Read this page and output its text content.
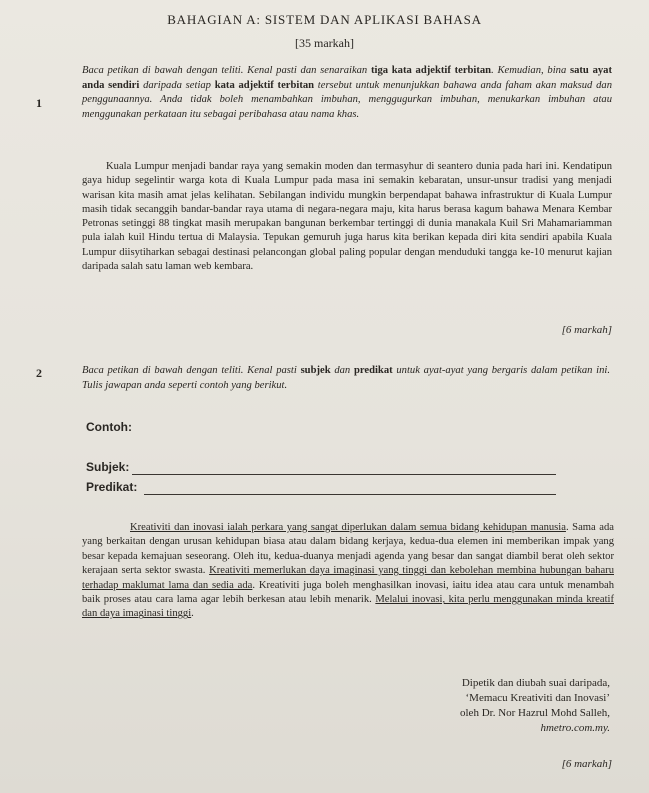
BAHAGIAN A: SISTEM DAN APLIKASI BAHASA
[35 markah]
1
Baca petikan di bawah dengan teliti. Kenal pasti dan senaraikan tiga kata adjektif terbitan. Kemudian, bina satu ayat anda sendiri daripada setiap kata adjektif terbitan tersebut untuk menunjukkan bahawa anda faham akan maksud dan penggunaannya. Anda tidak boleh menambahkan imbuhan, menggugurkan imbuhan, menukarkan imbuhan atau menggunakan perkataan itu sebagai peribahasa atau nama khas.
Kuala Lumpur menjadi bandar raya yang semakin moden dan termasyhur di seantero dunia pada hari ini. Kendatipun gaya hidup segelintir warga kota di Kuala Lumpur pada masa ini semakin kebaratan, unsur-unsur tradisi yang menjadi warisan kita masih amat jelas kelihatan. Sebilangan individu mungkin berpendapat bahawa infrastruktur di Kuala Lumpur masih tidak secanggih bandar-bandar raya utama di negara-negara maju, kita harus berasa kagum bahawa Menara Kembar Petronas setinggi 88 tingkat masih merupakan bangunan berkembar tertinggi di dunia manakala Kuil Sri Mahamariamman pula ialah kuil Hindu tertua di Malaysia. Tepukan gemuruh juga harus kita berikan kepada diri kita sendiri apabila Kuala Lumpur diisytiharkan sebagai destinasi pelancongan global paling popular dengan menduduki tangga ke-10 menurut kajian daripada salah satu laman web kembara.
[6 markah]
2	Baca petikan di bawah dengan teliti. Kenal pasti subjek dan predikat untuk ayat-ayat yang bergaris dalam petikan ini. Tulis jawapan anda seperti contoh yang berikut.
Contoh:
Subjek:
Predikat:
Kreativiti dan inovasi ialah perkara yang sangat diperlukan dalam semua bidang kehidupan manusia. Sama ada yang berkaitan dengan urusan kehidupan biasa atau dalam bidang kerjaya, kedua-dua elemen ini memberikan impak yang besar kepada kemajuan seseorang. Oleh itu, kedua-duanya menjadi agenda yang besar dan sangat diambil berat oleh sektor kerajaan serta sektor swasta. Kreativiti memerlukan daya imaginasi yang tinggi dan kebolehan membina hubungan baharu terhadap maklumat lama dan sedia ada. Kreativiti juga boleh menghasilkan inovasi, iaitu idea atau cara untuk menambah baik proses atau cara lama agar lebih berkesan atau lebih menarik. Melalui inovasi, kita perlu menggunakan minda kreatif dan daya imaginasi tinggi.
Dipetik dan diubah suai daripada,
‘Memacu Kreativiti dan Inovasi’
oleh Dr. Nor Hazrul Mohd Salleh,
hmetro.com.my.
[6 markah]
